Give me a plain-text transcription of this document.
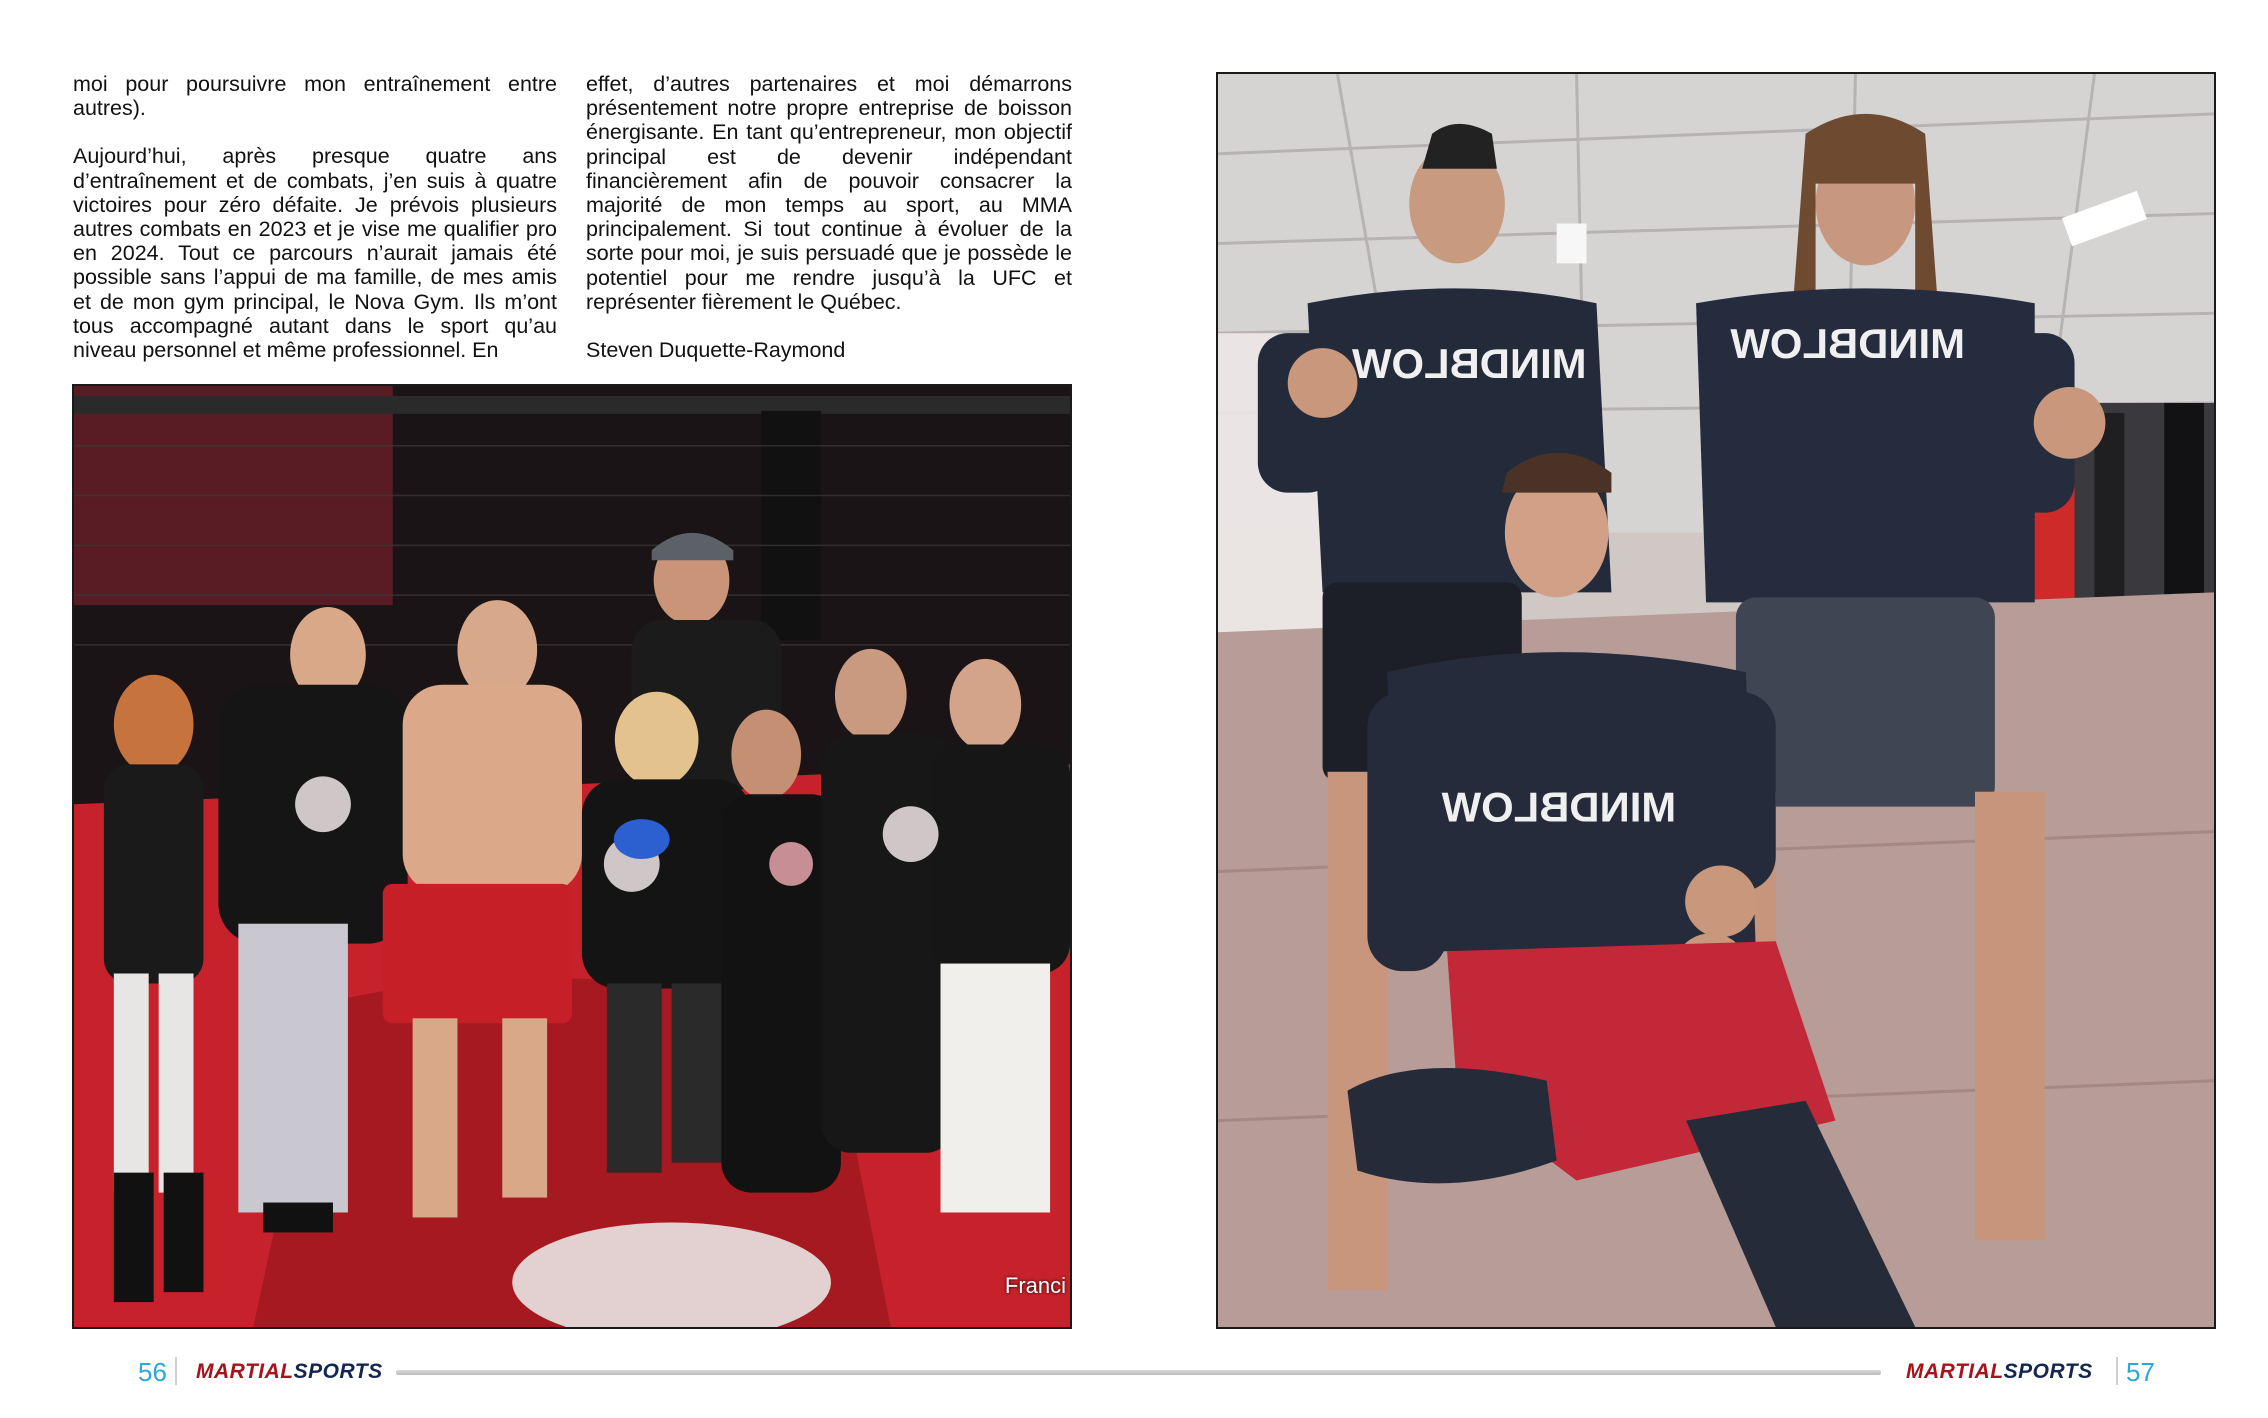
moi pour poursuivre mon entraînement entre autres).

Aujourd’hui, après presque quatre ans d’entraînement et de combats, j’en suis à quatre victoires pour zéro défaite. Je prévois plusieurs autres combats en 2023 et je vise me qualifier pro en 2024. Tout ce parcours n’aurait jamais été possible sans l’appui de ma famille, de mes amis et de mon gym principal, le Nova Gym. Ils m’ont tous accompagné autant dans le sport qu’au niveau personnel et même professionnel. En

effet, d’autres partenaires et moi démarrons présentement notre propre entreprise de boisson énergisante. En tant qu’entrepreneur, mon objectif principal est de devenir indépendant financièrement afin de pouvoir consacrer la majorité de mon temps au sport, au MMA principalement. Si tout continue à évoluer de la sorte pour moi, je suis persuadé que je possède le potentiel pour me rendre jusqu’à la UFC et représenter fièrement le Québec.

Steven Duquette-Raymond

Franci
MINDBLOW	MINDBLOW
MINDBLOW
56 MARTIALSPORTS	MARTIALSPORTS 57
